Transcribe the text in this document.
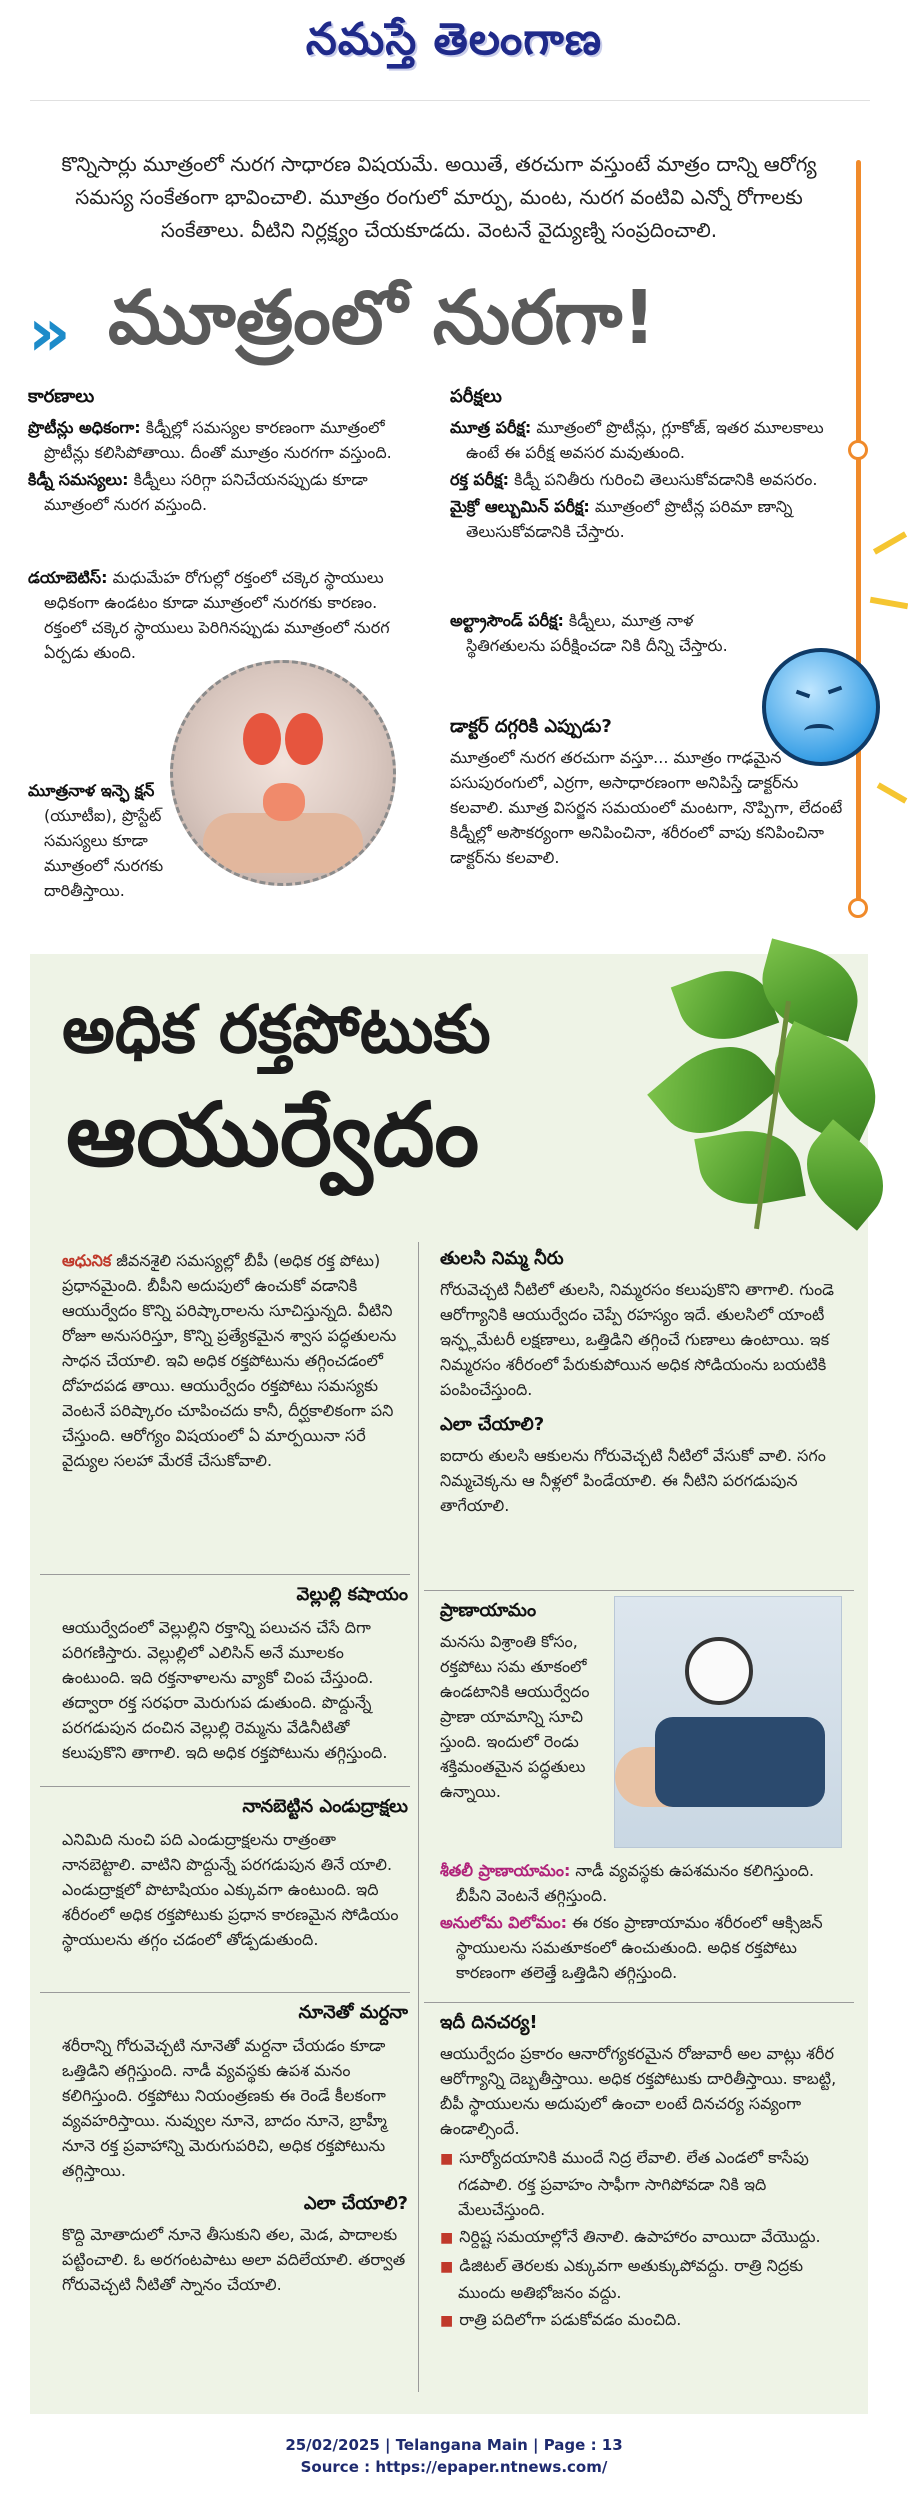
నమస్తే తెలంగాణ
కొన్నిసార్లు మూత్రంలో నురగ సాధారణ విషయమే. అయితే, తరచుగా వస్తుంటే మాత్రం దాన్ని ఆరోగ్య సమస్య సంకేతంగా భావించాలి. మూత్రం రంగులో మార్పు, మంట, నురగ వంటివి ఎన్నో రోగాలకు సంకేతాలు. వీటిని నిర్లక్ష్యం చేయకూడదు. వెంటనే వైద్యుణ్ని సంప్రదించాలి.
» మూత్రంలో నురగా!
కారణాలు

ప్రొటీన్లు అధికంగా: కిడ్నీల్లో సమస్యల కారణంగా మూత్రంలో ప్రొటీన్లు కలిసిపోతాయి. దీంతో మూత్రం నురగగా వస్తుంది.

కిడ్నీ సమస్యలు: కిడ్నీలు సరిగ్గా పనిచేయనప్పుడు కూడా మూత్రంలో నురగ వస్తుంది.

డయాబెటిస్: మధుమేహ రోగుల్లో రక్తంలో చక్కెర స్థాయులు అధికంగా ఉండటం కూడా మూత్రంలో నురగకు కారణం. రక్తంలో చక్కెర స్థాయులు పెరిగినప్పుడు మూత్రంలో నురగ ఏర్పడు తుంది.

మూత్రనాళ ఇన్ఫె క్షన్ (యూటీఐ), ప్రొస్టేట్ సమస్యలు కూడా మూత్రంలో నురగకు దారితీస్తాయి.

పరీక్షలు

మూత్ర పరీక్ష: మూత్రంలో ప్రొటీన్లు, గ్లూకోజ్, ఇతర మూలకాలు ఉంటే ఈ పరీక్ష అవసర మవుతుంది.

రక్త పరీక్ష: కిడ్నీ పనితీరు గురించి తెలుసుకోవడానికి అవసరం.

మైక్రో ఆల్బుమిన్ పరీక్ష: మూత్రంలో ప్రొటీన్ల పరిమా ణాన్ని తెలుసుకోవడానికి చేస్తారు.

అల్ట్రాసౌండ్ పరీక్ష: కిడ్నీలు, మూత్ర నాళ స్థితిగతులను పరీక్షించడా నికి దీన్ని చేస్తారు.

డాక్టర్ దగ్గరికి ఎప్పుడు?
మూత్రంలో నురగ తరచుగా వస్తూ... మూత్రం గాఢమైన పసుపురంగులో, ఎర్రగా, అసాధారణంగా అనిపిస్తే డాక్టర్‌ను కలవాలి. మూత్ర విసర్జన సమయంలో మంటగా, నొప్పిగా, లేదంటే కిడ్నీల్లో అసౌకర్యంగా అనిపించినా, శరీరంలో వాపు కనిపించినా డాక్టర్‌ను కలవాలి.
అధిక రక్తపోటుకు
ఆయుర్వేదం
ఆధునిక జీవనశైలి సమస్యల్లో బీపీ (అధిక రక్త పోటు) ప్రధానమైంది. బీపీని అదుపులో ఉంచుకో వడానికి ఆయుర్వేదం కొన్ని పరిష్కారాలను సూచిస్తున్నది. వీటిని రోజూ అనుసరిస్తూ, కొన్ని ప్రత్యేకమైన శ్వాస పద్ధతులను సాధన చేయాలి. ఇవి అధిక రక్తపోటును తగ్గించడంలో దోహదపడ తాయి. ఆయుర్వేదం రక్తపోటు సమస్యకు వెంటనే పరిష్కారం చూపించదు కానీ, దీర్ఘకాలికంగా పని చేస్తుంది. ఆరోగ్యం విషయంలో ఏ మార్పయినా సరే వైద్యుల సలహా మేరకే చేసుకోవాలి.
వెల్లుల్లి కషాయం
ఆయుర్వేదంలో వెల్లుల్లిని రక్తాన్ని పలుచన చేసే దిగా పరిగణిస్తారు. వెల్లుల్లిలో ఎలిసిన్ అనే మూలకం ఉంటుంది. ఇది రక్తనాళాలను వ్యాకో చింప చేస్తుంది. తద్వారా రక్త సరఫరా మెరుగుప డుతుంది. పొద్దున్నే పరగడుపున దంచిన వెల్లుల్లి రెమ్మను వేడినీటితో కలుపుకొని తాగాలి. ఇది అధిక రక్తపోటును తగ్గిస్తుంది.
నానబెట్టిన ఎండుద్రాక్షలు
ఎనిమిది నుంచి పది ఎండుద్రాక్షలను రాత్రంతా నానబెట్టాలి. వాటిని పొద్దున్నే పరగడుపున తినే యాలి. ఎండుద్రాక్షలో పొటాషియం ఎక్కువగా ఉంటుంది. ఇది శరీరంలో అధిక రక్తపోటుకు ప్రధాన కారణమైన సోడియం స్థాయులను తగ్గం చడంలో తోడ్పడుతుంది.
నూనెతో మర్దనా
శరీరాన్ని గోరువెచ్చటి నూనెతో మర్దనా చేయడం కూడా ఒత్తిడిని తగ్గిస్తుంది. నాడీ వ్యవస్థకు ఉపశ మనం కలిగిస్తుంది. రక్తపోటు నియంత్రణకు ఈ రెండే కీలకంగా వ్యవహరిస్తాయి. నువ్వుల నూనె, బాదం నూనె, బ్రాహ్మీ నూనె రక్త ప్రవాహాన్ని మెరుగుపరిచి, అధిక రక్తపోటును తగ్గిస్తాయి.
ఎలా చేయాలి?
కొద్ది మోతాదులో నూనె తీసుకుని తల, మెడ, పాదాలకు పట్టించాలి. ఓ అరగంటపాటు అలా వదిలేయాలి. తర్వాత గోరువెచ్చటి నీటితో స్నానం చేయాలి.
తులసి నిమ్మ నీరు
గోరువెచ్చటి నీటిలో తులసి, నిమ్మరసం కలుపుకొని తాగాలి. గుండె ఆరోగ్యానికి ఆయుర్వేదం చెప్పే రహస్యం ఇదే. తులసిలో యాంటీ ఇన్ఫ్లమేటరీ లక్షణాలు, ఒత్తిడిని తగ్గించే గుణాలు ఉంటాయి. ఇక నిమ్మరసం శరీరంలో పేరుకుపోయిన అధిక సోడియంను బయటికి పంపించేస్తుంది.
ఎలా చేయాలి?
ఐదారు తులసి ఆకులను గోరువెచ్చటి నీటిలో వేసుకో వాలి. సగం నిమ్మచెక్కను ఆ నీళ్లలో పిండేయాలి. ఈ నీటిని పరగడుపున తాగేయాలి.
ప్రాణాయామం
మనసు విశ్రాంతి కోసం, రక్తపోటు సమ తూకంలో ఉండటానికి ఆయుర్వేదం ప్రాణా యామాన్ని సూచి స్తుంది. ఇందులో రెండు శక్తిమంతమైన పద్ధతులు ఉన్నాయి.
శీతలీ ప్రాణాయామం: నాడీ వ్యవస్థకు ఉపశమనం కలిగిస్తుంది. బీపీని వెంటనే తగ్గిస్తుంది.
అనులోమ విలోమం: ఈ రకం ప్రాణాయామం శరీరంలో ఆక్సిజన్ స్థాయులను సమతూకంలో ఉంచుతుంది. అధిక రక్తపోటు కారణంగా తలెత్తే ఒత్తిడిని తగ్గిస్తుంది.
ఇదీ దినచర్య!
ఆయుర్వేదం ప్రకారం ఆనారోగ్యకరమైన రోజువారీ అల వాట్లు శరీర ఆరోగ్యాన్ని దెబ్బతీస్తాయి. అధిక రక్తపోటుకు దారితీస్తాయి. కాబట్టి, బీపీ స్థాయులను అదుపులో ఉంచా లంటే దినచర్య సవ్యంగా ఉండాల్సిందే.
■ సూర్యోదయానికి ముందే నిద్ర లేవాలి. లేత ఎండలో కాసేపు గడపాలి. రక్త ప్రవాహం సాఫీగా సాగిపోవడా నికి ఇది మేలుచేస్తుంది.
■ నిర్దిష్ట సమయాల్లోనే తినాలి. ఉపాహారం వాయిదా వేయొద్దు.
■ డిజిటల్ తెరలకు ఎక్కువగా అతుక్కుపోవద్దు. రాత్రి నిద్రకు ముందు అతిభోజనం వద్దు.
■ రాత్రి పదిలోగా పడుకోవడం మంచిది.
25/02/2025 | Telangana Main | Page : 13
Source : https://epaper.ntnews.com/
